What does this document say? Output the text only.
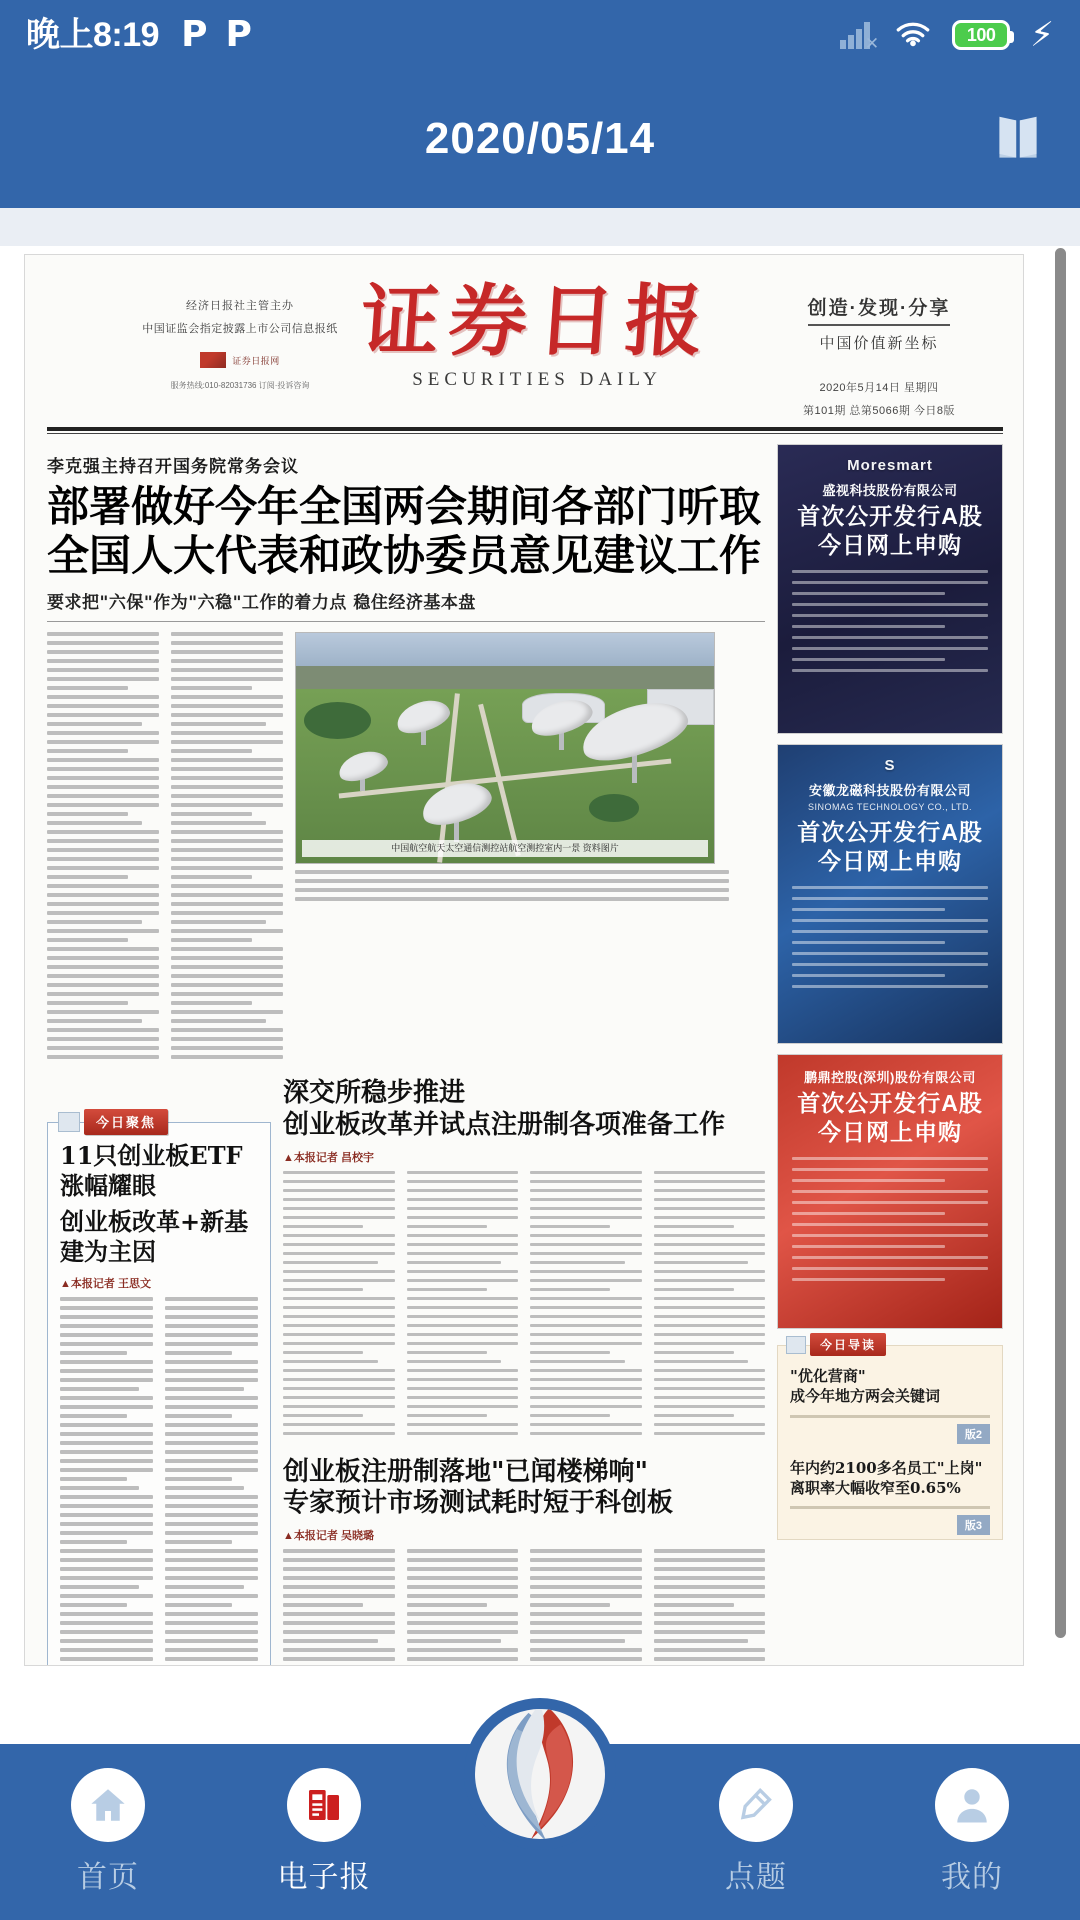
晚上8:19 P P	✕	100 ⚡
2020/05/14
经济日报社主管主办
中国证监会指定披露上市公司信息报纸
证券日报网
服务热线:010-82031736 订阅·投诉咨询
证券日报
SECURITIES DAILY
创造·发现·分享
中国价值新坐标
2020年5月14日 星期四
第101期 总第5066期 今日8版
李克强主持召开国务院常务会议
部署做好今年全国两会期间各部门听取
全国人大代表和政协委员意见建议工作
要求把"六保"作为"六稳"工作的着力点 稳住经济基本盘
中国航空航天太空通信测控站航空测控室内一景 资料图片
深交所稳步推进
创业板改革并试点注册制各项准备工作
▲本报记者 昌校宇
今日聚焦
11只创业板ETF涨幅耀眼
创业板改革+新基建为主因
▲本报记者 王思文
创业板注册制落地"已闻楼梯响"
专家预计市场测试耗时短于科创板
▲本报记者 吴晓璐
Moresmart
盛视科技股份有限公司
首次公开发行A股
今日网上申购
S
安徽龙磁科技股份有限公司
SINOMAG TECHNOLOGY CO., LTD.
首次公开发行A股
今日网上申购
鹏鼎控股(深圳)股份有限公司
首次公开发行A股
今日网上申购
今日导读
"优化营商"
成今年地方两会关键词
版2
年内约2100多名员工"上岗"
离职率大幅收窄至0.65%
版3
首页	电子报	点题	我的
